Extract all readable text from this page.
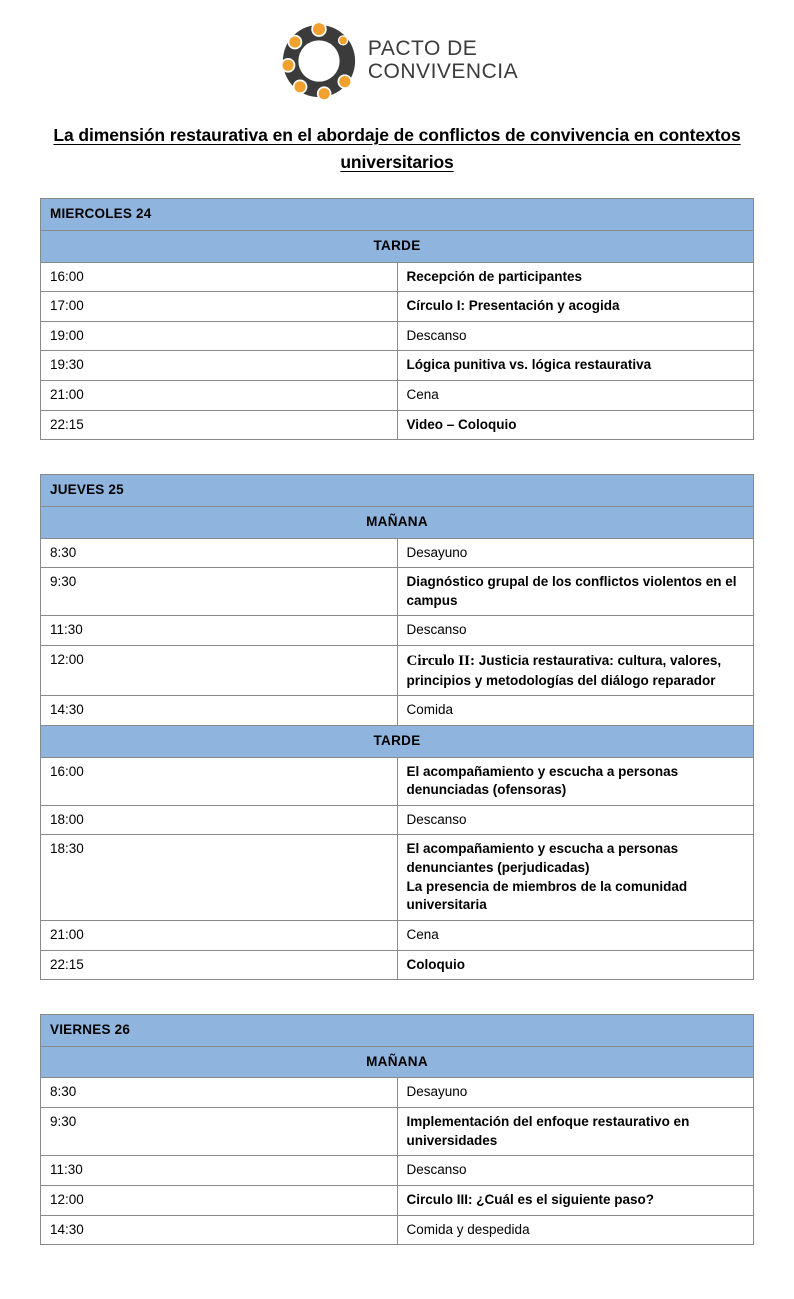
PACTO DE
CONVIVENCIA
La dimensión restaurativa en el abordaje de conflictos de convivencia en contextos universitarios
MIERCOLES 24	
TARDE	
16:00	Recepción de participantes
17:00	Círculo I: Presentación y acogida
19:00	Descanso
19:30	Lógica punitiva vs. lógica restaurativa
21:00	Cena
22:15	Video – Coloquio
JUEVES 25	
MAÑANA	
8:30	Desayuno
9:30	Diagnóstico grupal de los conflictos violentos en el campus
11:30	Descanso
12:00	Circulo II: Justicia restaurativa: cultura, valores, principios y metodologías del diálogo reparador
14:30	Comida
TARDE	
16:00	El acompañamiento y escucha a personas denunciadas (ofensoras)
18:00	Descanso
18:30	El acompañamiento y escucha a personas denunciantes (perjudicadas)
La presencia de miembros de la comunidad universitaria

21:00	Cena
22:15	Coloquio
VIERNES 26	
MAÑANA	
8:30	Desayuno
9:30	Implementación del enfoque restaurativo en universidades
11:30	Descanso
12:00	Circulo III: ¿Cuál es el siguiente paso?
14:30	Comida y despedida
